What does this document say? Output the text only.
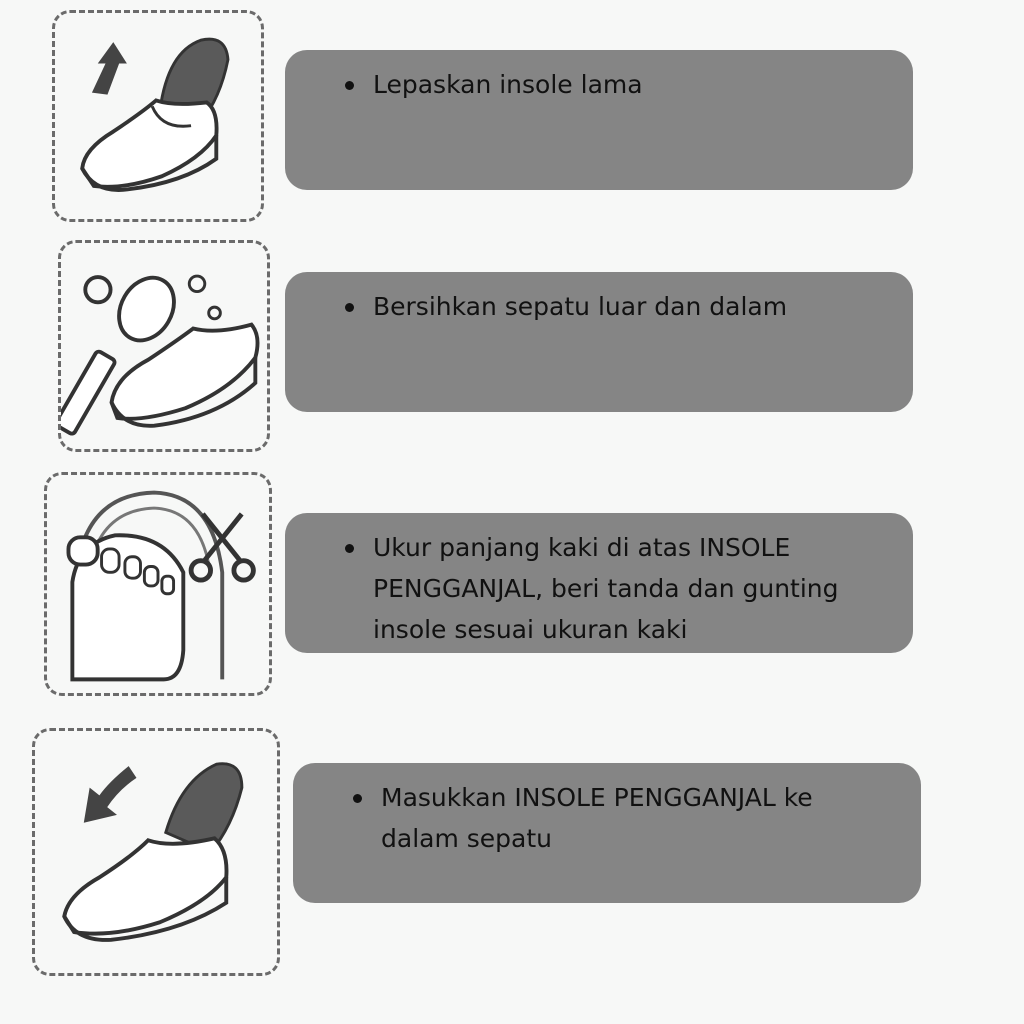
Lepaskan insole lama
Bersihkan sepatu luar dan dalam
Ukur panjang kaki di atas INSOLE PENGGANJAL, beri tanda dan gunting insole sesuai ukuran kaki
Masukkan INSOLE PENGGANJAL ke dalam sepatu
